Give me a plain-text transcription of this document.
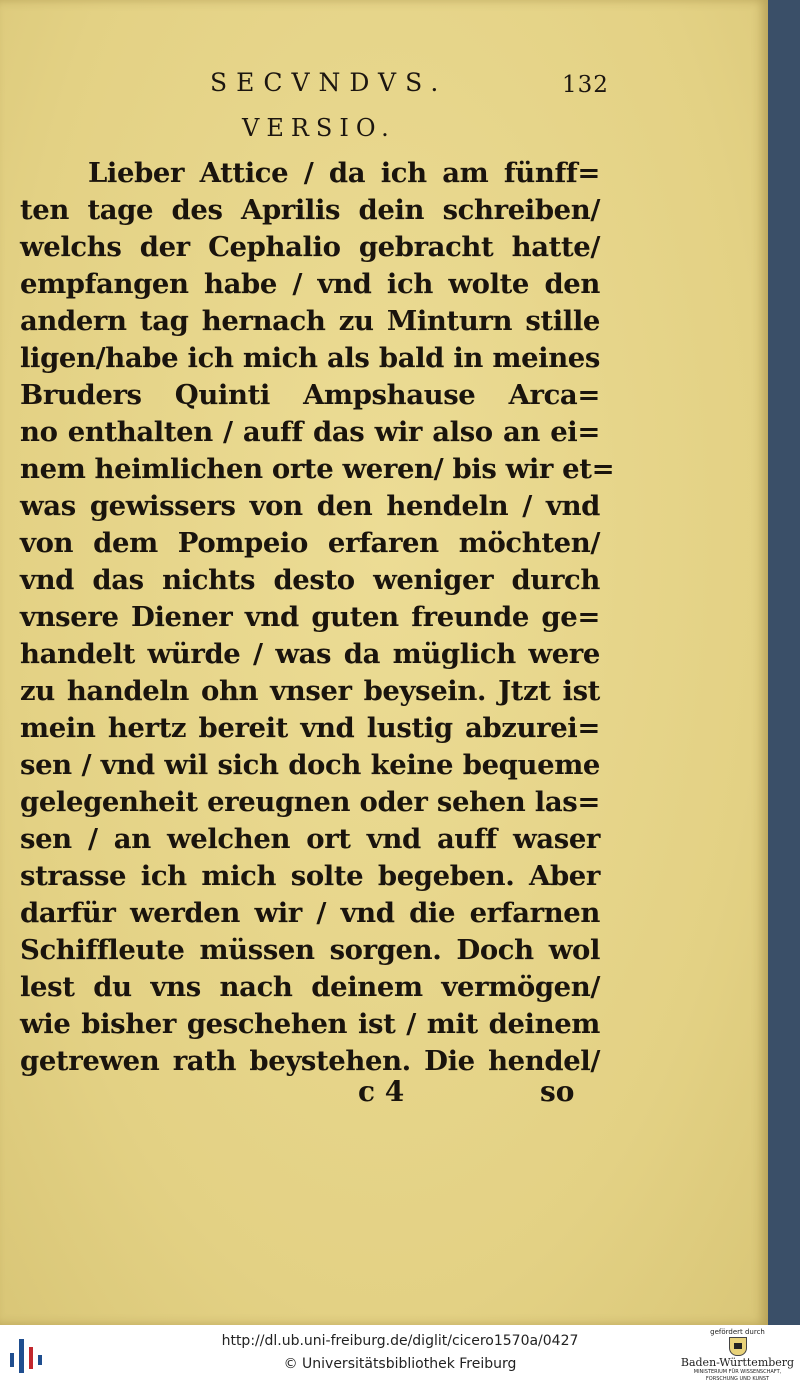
SECVNDVS.	132
VERSIO.
Lieber Attice / da ich am fünff=
ten tage des Aprilis dein schreiben/
welchs der Cephalio gebracht hatte/
empfangen habe / vnd ich wolte den
andern tag hernach zu Minturn stille
ligen/habe ich mich als bald in meines
Bruders Quinti Ampshause Arca=
no enthalten / auff das wir also an ei=
nem heimlichen orte weren/ bis wir et=
was gewissers von den hendeln / vnd
von dem Pompeio erfaren möchten/
vnd das nichts desto weniger durch
vnsere Diener vnd guten freunde ge=
handelt würde / was da müglich were
zu handeln ohn vnser beysein. Jtzt ist
mein hertz bereit vnd lustig abzurei=
sen / vnd wil sich doch keine bequeme
gelegenheit ereugnen oder sehen las=
sen / an welchen ort vnd auff waser
strasse ich mich solte begeben. Aber
darfür werden wir / vnd die erfarnen
Schiffleute müssen sorgen. Doch wol
lest du vns nach deinem vermögen/
wie bisher geschehen ist / mit deinem
getrewen rath beystehen. Die hendel/
c 4	so
http://dl.ub.uni-freiburg.de/diglit/cicero1570a/0427
© Universitätsbibliothek Freiburg
gefördert durch
Baden-Württemberg
MINISTERIUM FÜR WISSENSCHAFT, FORSCHUNG UND KUNST
